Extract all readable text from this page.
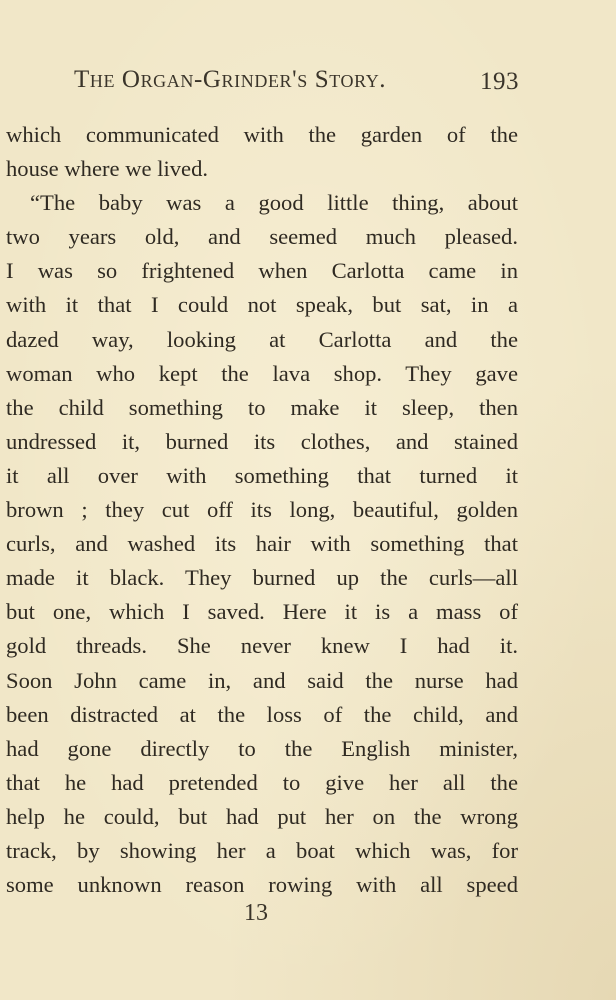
The Organ-Grinder's Story.	193
which communicated with the garden of the
house where we lived.
“The baby was a good little thing, about
two years old, and seemed much pleased.
I was so frightened when Carlotta came in
with it that I could not speak, but sat, in a
dazed way, looking at Carlotta and the
woman who kept the lava shop. They gave
the child something to make it sleep, then
undressed it, burned its clothes, and stained
it all over with something that turned it
brown ; they cut off its long, beautiful, golden
curls, and washed its hair with something that
made it black. They burned up the curls—all
but one, which I saved. Here it is a mass of
gold threads. She never knew I had it.
Soon John came in, and said the nurse had
been distracted at the loss of the child, and
had gone directly to the English minister,
that he had pretended to give her all the
help he could, but had put her on the wrong
track, by showing her a boat which was, for
some unknown reason rowing with all speed
13
